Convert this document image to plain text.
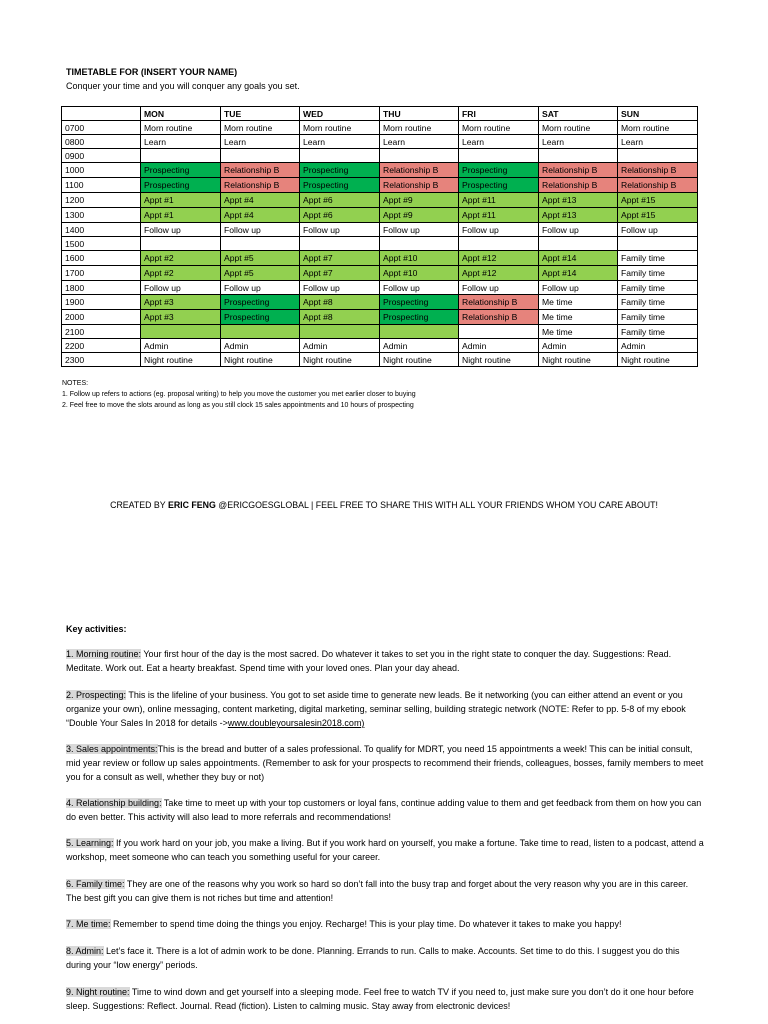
TIMETABLE FOR (INSERT YOUR NAME)
Conquer your time and you will conquer any goals you set.
	MON	TUE	WED	THU	FRI	SAT	SUN
0700	Morn routine	Morn routine	Morn routine	Morn routine	Morn routine	Morn routine	Morn routine
0800	Learn	Learn	Learn	Learn	Learn	Learn	Learn
0900							
1000	Prospecting	Relationship B	Prospecting	Relationship B	Prospecting	Relationship B	Relationship B
1100	Prospecting	Relationship B	Prospecting	Relationship B	Prospecting	Relationship B	Relationship B
1200	Appt #1	Appt #4	Appt #6	Appt #9	Appt #11	Appt #13	Appt #15
1300	Appt #1	Appt #4	Appt #6	Appt #9	Appt #11	Appt #13	Appt #15
1400	Follow up	Follow up	Follow up	Follow up	Follow up	Follow up	Follow up
1500							
1600	Appt #2	Appt #5	Appt #7	Appt #10	Appt #12	Appt #14	Family time
1700	Appt #2	Appt #5	Appt #7	Appt #10	Appt #12	Appt #14	Family time
1800	Follow up	Follow up	Follow up	Follow up	Follow up	Follow up	Family time
1900	Appt #3	Prospecting	Appt #8	Prospecting	Relationship B	Me time	Family time
2000	Appt #3	Prospecting	Appt #8	Prospecting	Relationship B	Me time	Family time
2100						Me time	Family time
2200	Admin	Admin	Admin	Admin	Admin	Admin	Admin
2300	Night routine	Night routine	Night routine	Night routine	Night routine	Night routine	Night routine
NOTES:
1. Follow up refers to actions (eg. proposal writing) to help you move the customer you met earlier closer to buying
2. Feel free to move the slots around as long as you still clock 15 sales appointments and 10 hours of prospecting
CREATED BY ERIC FENG @ERICGOESGLOBAL | FEEL FREE TO SHARE THIS WITH ALL YOUR FRIENDS WHOM YOU CARE ABOUT!
Key activities:
1. Morning routine: Your first hour of the day is the most sacred. Do whatever it takes to set you in the right state to conquer the day. Suggestions: Read. Meditate. Work out. Eat a hearty breakfast. Spend time with your loved ones. Plan your day ahead.
2. Prospecting: This is the lifeline of your business. You got to set aside time to generate new leads. Be it networking (you can either attend an event or you organize your own), online messaging, content marketing, digital marketing, seminar selling, building strategic network (NOTE: Refer to pp. 5-8 of my ebook “Double Your Sales In 2018 for details ->www.doubleyoursalesin2018.com)
3. Sales appointments:This is the bread and butter of a sales professional. To qualify for MDRT, you need 15 appointments a week! This can be initial consult, mid year review or follow up sales appointments. (Remember to ask for your prospects to recommend their friends, colleagues, bosses, family members to meet you for a consult as well, whether they buy or not)
4. Relationship building: Take time to meet up with your top customers or loyal fans, continue adding value to them and get feedback from them on how you can do even better. This activity will also lead to more referrals and recommendations!
5. Learning: If you work hard on your job, you make a living. But if you work hard on yourself, you make a fortune. Take time to read, listen to a podcast, attend a workshop, meet someone who can teach you something useful for your career.
6. Family time: They are one of the reasons why you work so hard so don’t fall into the busy trap and forget about the very reason why you are in this career. The best gift you can give them is not riches but time and attention!
7. Me time: Remember to spend time doing the things you enjoy. Recharge! This is your play time. Do whatever it takes to make you happy!
8. Admin: Let’s face it. There is a lot of admin work to be done. Planning. Errands to run. Calls to make. Accounts. Set time to do this. I suggest you do this during your “low energy” periods.
9. Night routine: Time to wind down and get yourself into a sleeping mode. Feel free to watch TV if you need to, just make sure you don’t do it one hour before sleep. Suggestions: Reflect. Journal. Read (fiction). Listen to calming music. Stay away from electronic devices!
